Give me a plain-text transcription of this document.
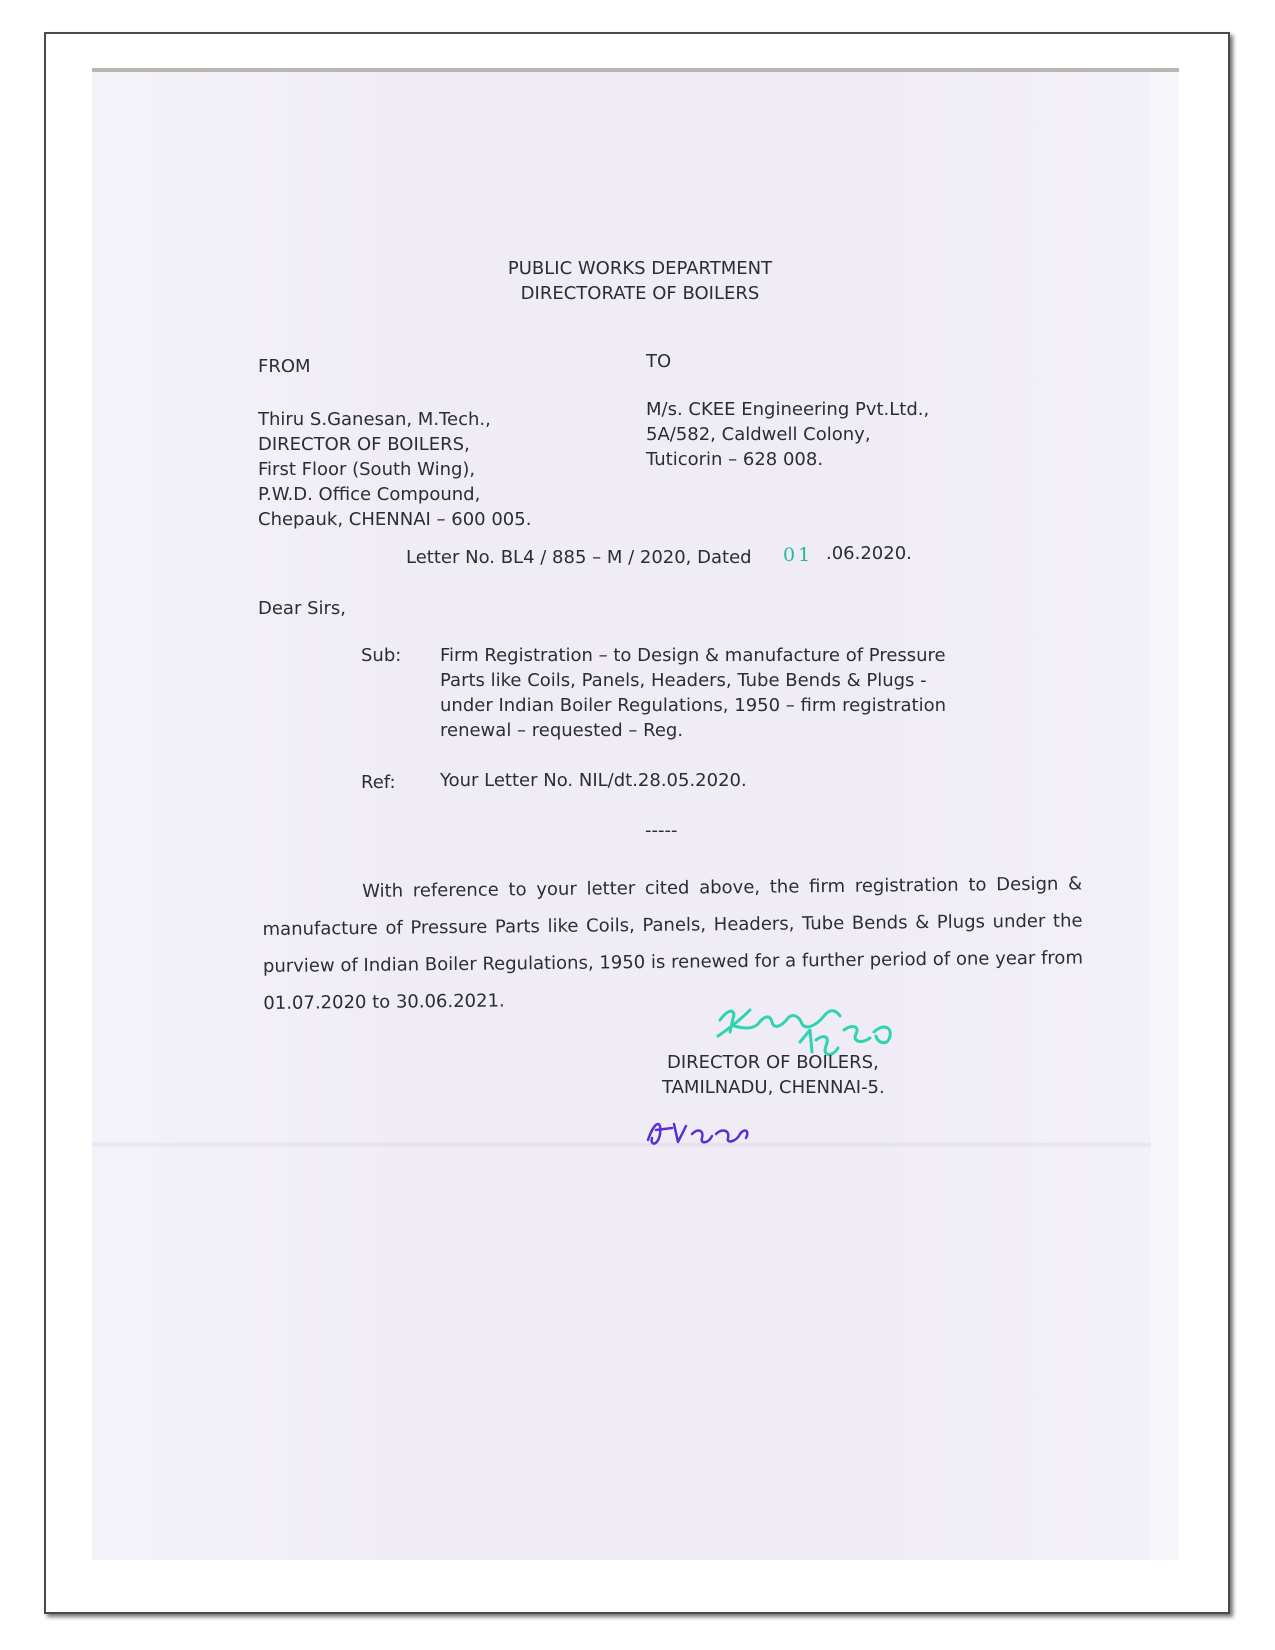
PUBLIC WORKS DEPARTMENT

DIRECTORATE OF BOILERS

FROM

Thiru S.Ganesan, M.Tech.,

DIRECTOR OF BOILERS,

First Floor (South Wing),

P.W.D. Office Compound,

Chepauk, CHENNAI – 600 005.

TO

M/s. CKEE Engineering Pvt.Ltd.,

5A/582, Caldwell Colony,

Tuticorin – 628 008.

Letter No. BL4 / 885 – M / 2020, Dated 01 .06.2020.

Dear Sirs,

Sub: Firm Registration – to Design & manufacture of Pressure

Parts like Coils, Panels, Headers, Tube Bends & Plugs -

under Indian Boiler Regulations, 1950 – firm registration

renewal – requested – Reg.

Ref: Your Letter No. NIL/dt.28.05.2020.

-----

With reference to your letter cited above, the firm registration to Design & manufacture of Pressure Parts like Coils, Panels, Headers, Tube Bends & Plugs under the purview of Indian Boiler Regulations, 1950 is renewed for a further period of one year from 01.07.2020 to 30.06.2021.

DIRECTOR OF BOILERS,

TAMILNADU, CHENNAI-5.
